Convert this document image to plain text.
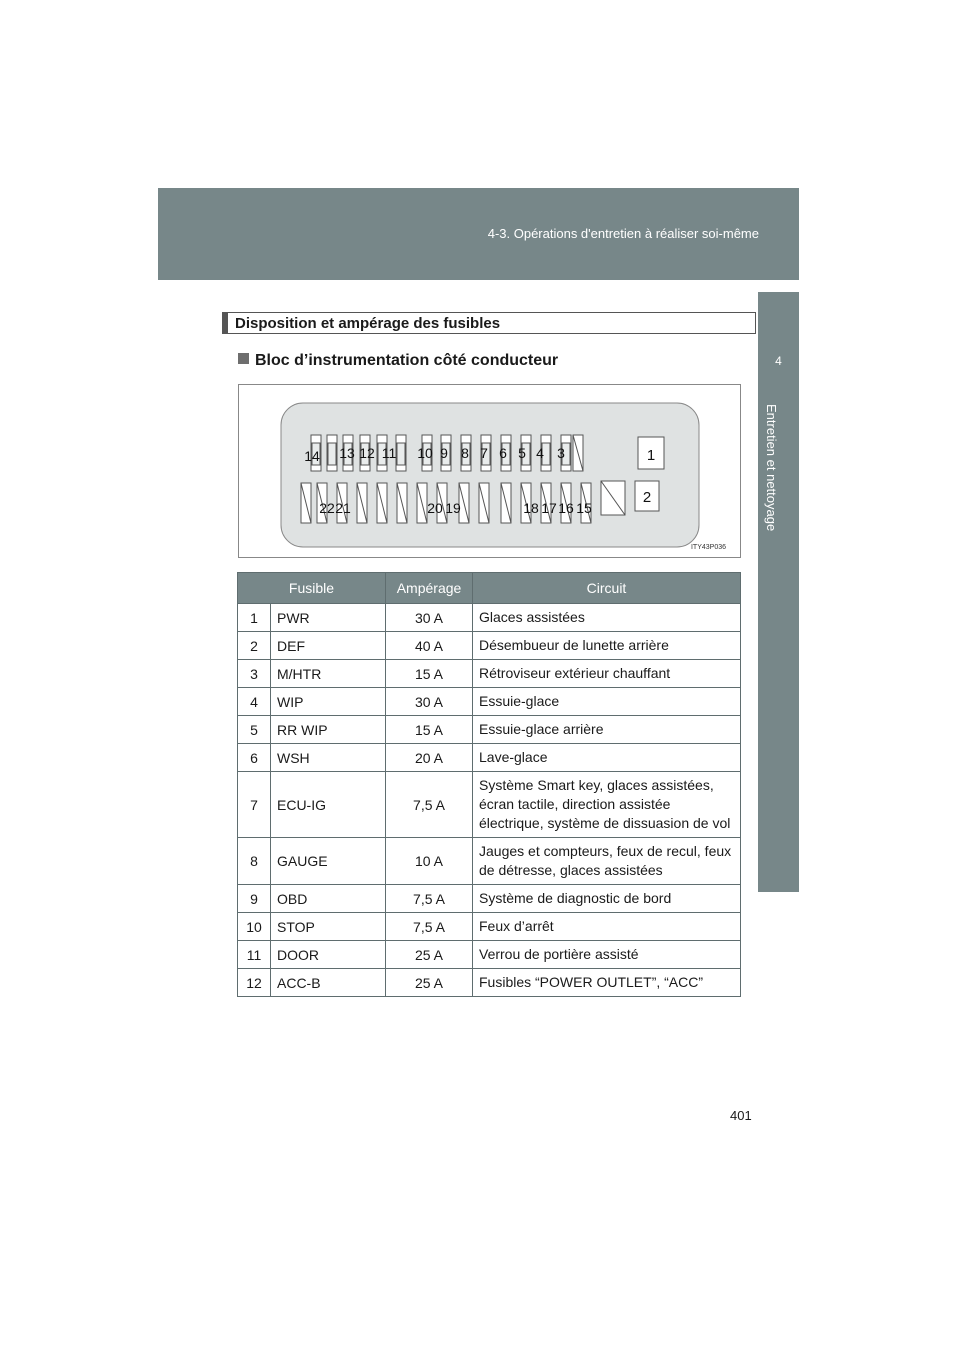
4-3. Opérations d'entretien à réaliser soi-même
4
Entretien et nettoyage
Disposition et ampérage des fusibles
Bloc d’instrumentation côté conducteur
14 13 12 11 10 9 8 7 6 5 4 3
22 21	20 19	18 17 16 15
1
2
ITY43P036
Fusible		Ampérage	Circuit
1	PWR	30 A	Glaces assistées
2	DEF	40 A	Désembueur de lunette arrière
3	M/HTR	15 A	Rétroviseur extérieur chauffant
4	WIP	30 A	Essuie-glace
5	RR WIP	15 A	Essuie-glace arrière
6	WSH	20 A	Lave-glace
7	ECU-IG	7,5 A	Système Smart key, glaces assistées, écran tactile, direction assistée électrique, système de dissuasion de vol
8	GAUGE	10 A	Jauges et compteurs, feux de recul, feux de détresse, glaces assistées
9	OBD	7,5 A	Système de diagnostic de bord
10	STOP	7,5 A	Feux d’arrêt
11	DOOR	25 A	Verrou de portière assisté
12	ACC-B	25 A	Fusibles “POWER OUTLET”, “ACC”
401
